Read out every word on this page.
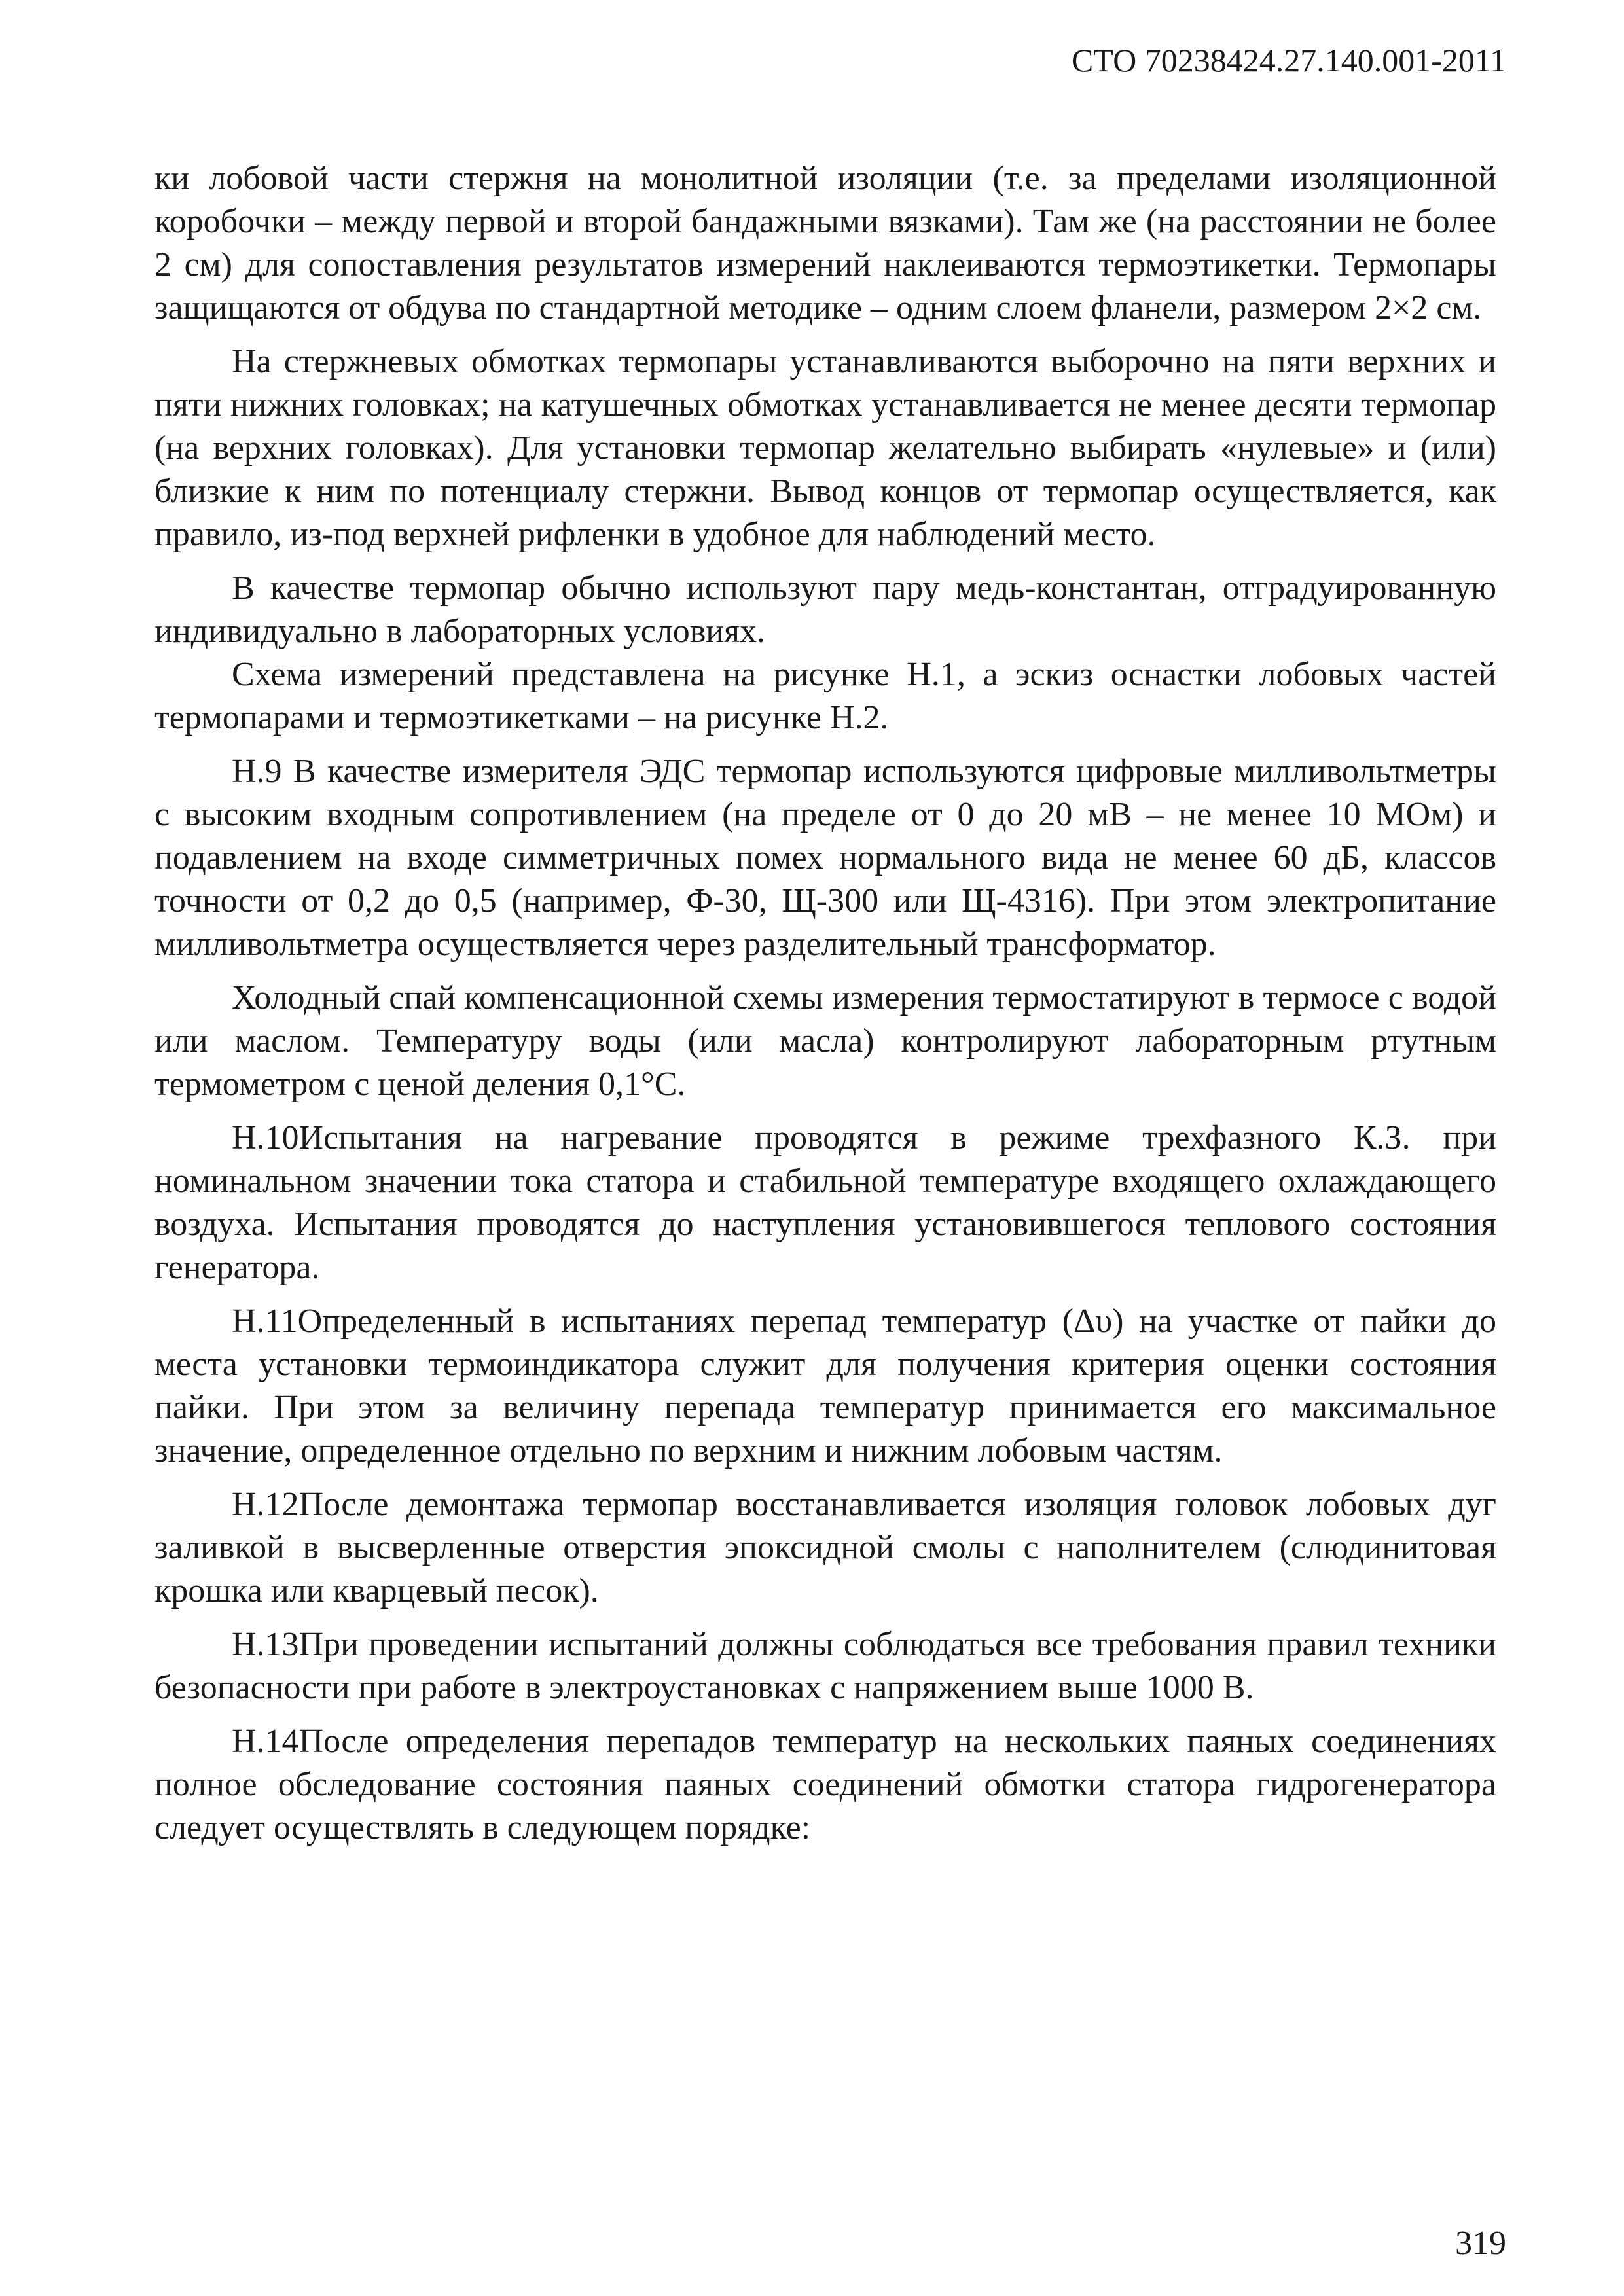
СТО 70238424.27.140.001-2011

ки лобовой части стержня на монолитной изоляции (т.е. за пределами изоляционной коробочки – между первой и второй бандажными вязками). Там же (на расстоянии не более 2 см) для сопоставления результатов измерений наклеиваются термоэтикетки. Термопары защищаются от обдува по стандартной методике – одним слоем фланели, размером 2×2 см.

На стержневых обмотках термопары устанавливаются выборочно на пяти верхних и пяти нижних головках; на катушечных обмотках устанавливается не менее десяти термопар (на верхних головках). Для установки термопар желательно выбирать «нулевые» и (или) близкие к ним по потенциалу стержни. Вывод концов от термопар осуществляется, как правило, из-под верхней рифленки в удобное для наблюдений место.

В качестве термопар обычно используют пару медь-константан, отградуированную индивидуально в лабораторных условиях.

Схема измерений представлена на рисунке Н.1, а эскиз оснастки лобовых частей термопарами и термоэтикетками – на рисунке Н.2.

Н.9 В качестве измерителя ЭДС термопар используются цифровые милливольтметры с высоким входным сопротивлением (на пределе от 0 до 20 мВ – не менее 10 МОм) и подавлением на входе симметричных помех нормального вида не менее 60 дБ, классов точности от 0,2 до 0,5 (например, Ф-30, Щ-300 или Щ-4316). При этом электропитание милливольтметра осуществляется через разделительный трансформатор.

Холодный спай компенсационной схемы измерения термостатируют в термосе с водой или маслом. Температуру воды (или масла) контролируют лабораторным ртутным термометром с ценой деления 0,1°С.

Н.10Испытания на нагревание проводятся в режиме трехфазного К.З. при номинальном значении тока статора и стабильной температуре входящего охлаждающего воздуха. Испытания проводятся до наступления установившегося теплового состояния генератора.

Н.11Определенный в испытаниях перепад температур (Δυ) на участке от пайки до места установки термоиндикатора служит для получения критерия оценки состояния пайки. При этом за величину перепада температур принимается его максимальное значение, определенное отдельно по верхним и нижним лобовым частям.

Н.12После демонтажа термопар восстанавливается изоляция головок лобовых дуг заливкой в высверленные отверстия эпоксидной смолы с наполнителем (слюдинитовая крошка или кварцевый песок).

Н.13При проведении испытаний должны соблюдаться все требования правил техники безопасности при работе в электроустановках с напряжением выше 1000 В.

Н.14После определения перепадов температур на нескольких паяных соединениях полное обследование состояния паяных соединений обмотки статора гидрогенератора следует осуществлять в следующем порядке:

319
